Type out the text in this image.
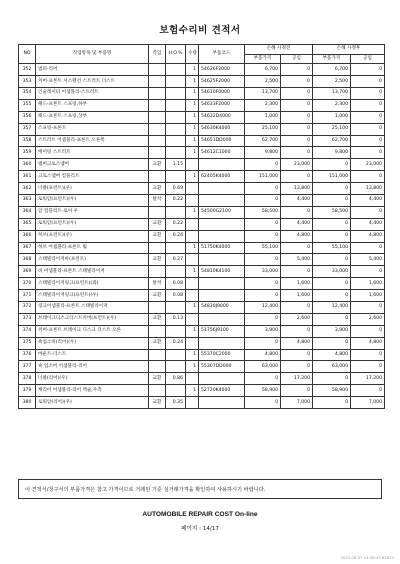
보험수리비 견적서
NO	작업항목 및 부품명	작업	H.O.%	수량	부품코드	손해 사정전		손해 사정후	
						부품가격	공임	부품가격	공임
352	범퍼-리어			1	54626F2000	6,700	0	6,700	0
353	커버-프론트 서스펜션 스트러트 더스트			1	54625F2000	2,500	0	2,500	0
354	인슐레이터 어셈블리-스트러트			1	54610F0000	13,700	0	13,700	0
355	패드-프론트 스프링,하부			1	54633F2000	2,300	0	2,300	0
356	패드-프론트 스프링,상부			1	54632D4000	1,000	0	1,000	0
357	스프링-프론트			1	54630K4000	25,100	0	25,100	0
358	스트러트 어셈블리-프론트 오른쪽			1	54651DD000	62,700	0	62,700	0
359	베어링 스트러트			1	54612C1000	9,800	0	9,800	0
360	멤버크로스멤버	교환	1.15			0	23,000	0	23,000
361	크로스멤버 컴플리트			1	62405K4000	151,000	0	151,000	0
362	너클(프런트)(우)	교환	0.69			0	13,800	0	13,800
363	로워암(프런트)(우)	탈착	0.22			0	4,400	0	4,400
364	암 컴플리트-로어 우			1	54500G2100	58,500	0	58,500	0
365	로워암(프런트)(우)	교환	0.22			0	4,400	0	4,400
366	허브(프런트)(우)	교환	0.24			0	4,800	0	4,800
367	허브 어셈블리-프론트 휠			1	51750K4000	55,100	0	55,100	0
368	스태빌라이저바(프런트)	교환	0.27			0	5,400	0	5,400
369	바 어셈블리-프론트 스태빌라이저			1	54810K4100	33,000	0	33,000	0
370	스태빌라이저링크(프런트)(좌)	탈착	0.08			0	1,600	0	1,600
371	스태빌라이저링크(프런트)(우)	교환	0.08			0	1,600	0	1,600
372	링크어셈블리-프론트 스태빌라이저			1	54830J9000	12,400	0	12,400	0
373	브레이크디스크더스트커버(프런트)(우)	교환	0.13			0	2,600	0	2,600
374	커버-프론트 브레이크 디스크 더스트 오른			1	51756J9100	3,900	0	3,900	0
375	쇽업소바(리어)(우)	교환	0.24			0	4,800	0	4,800
376	마운트-더스트			1	55370C2000	4,800	0	4,800	0
377	쇽 업소버 어셈블리-리어			1	55307DD000	63,000	0	63,000	0
378	너클(리어)(우)	교환	0.86			0	17,200	0	17,200
379	캐리어 어셈블리-리어 액슬,우측			1	52720K4000	58,900	0	58,900	0
380	로워암(리어)(우)	교환	0.35			0	7,000	0	7,000
이 견적서/청구서의 부품가격은 참고 가격이므로 거래된 기준 실거래가격을 확인하여 사용하시기 바랍니다.
AUTOMOBILE REPAIR COST On-line
페이지 : 14/17
2025-08-07 14:28:43 82874
